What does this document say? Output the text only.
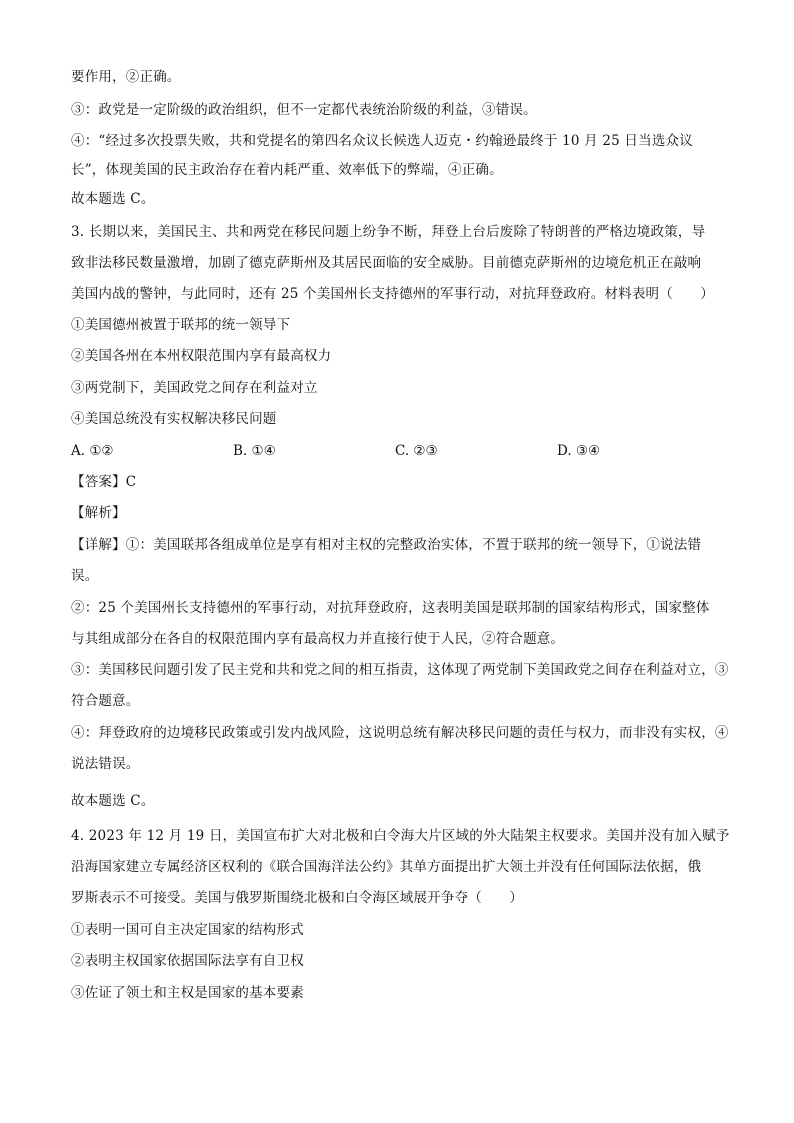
要作用，②正确。
③：政党是一定阶级的政治组织，但不一定都代表统治阶级的利益，③错误。
④：“经过多次投票失败，共和党提名的第四名众议长候选人迈克・约翰逊最终于 10 月 25 日当选众议
长”，体现美国的民主政治存在着内耗严重、效率低下的弊端，④正确。
故本题选 C。
3. 长期以来，美国民主、共和两党在移民问题上纷争不断，拜登上台后废除了特朗普的严格边境政策，导
致非法移民数量激增，加剧了德克萨斯州及其居民面临的安全威胁。目前德克萨斯州的边境危机正在敲响
美国内战的警钟，与此同时，还有 25 个美国州长支持德州的军事行动，对抗拜登政府。材料表明（　　）
①美国德州被置于联邦的统一领导下
②美国各州在本州权限范围内享有最高权力
③两党制下，美国政党之间存在利益对立
④美国总统没有实权解决移民问题
A. ①②	B. ①④	C. ②③	D. ③④
【答案】C
【解析】
【详解】①：美国联邦各组成单位是享有相对主权的完整政治实体，不置于联邦的统一领导下，①说法错
误。
②：25 个美国州长支持德州的军事行动，对抗拜登政府，这表明美国是联邦制的国家结构形式，国家整体
与其组成部分在各自的权限范围内享有最高权力并直接行使于人民，②符合题意。
③：美国移民问题引发了民主党和共和党之间的相互指责，这体现了两党制下美国政党之间存在利益对立，③
符合题意。
④：拜登政府的边境移民政策或引发内战风险，这说明总统有解决移民问题的责任与权力，而非没有实权，④
说法错误。
故本题选 C。
4. 2023 年 12 月 19 日，美国宣布扩大对北极和白令海大片区域的外大陆架主权要求。美国并没有加入赋予
沿海国家建立专属经济区权利的《联合国海洋法公约》其单方面提出扩大领土并没有任何国际法依据，俄
罗斯表示不可接受。美国与俄罗斯围绕北极和白令海区域展开争夺（　　）
①表明一国可自主决定国家的结构形式
②表明主权国家依据国际法享有自卫权
③佐证了领土和主权是国家的基本要素
